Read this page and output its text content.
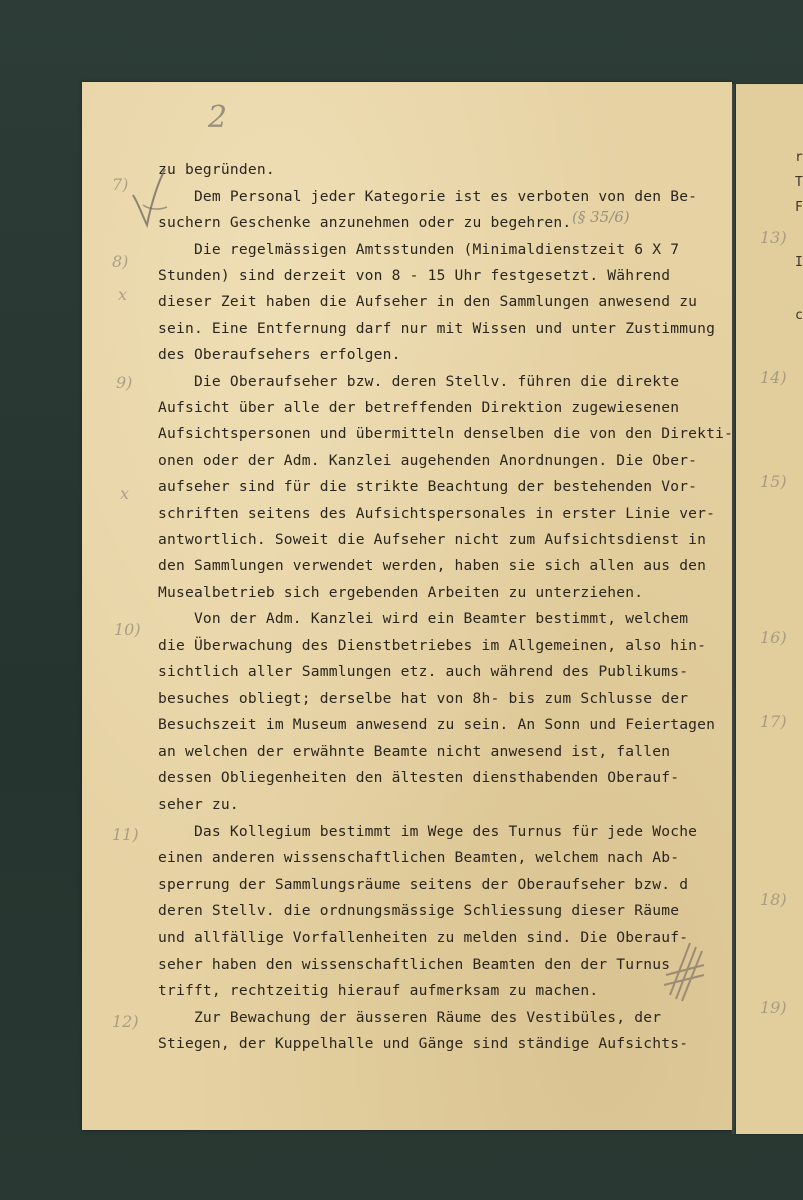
r
T
F
I
c
2
zu begründen.
Dem Personal jeder Kategorie ist es verboten von den Be-
suchern Geschenke anzunehmen oder zu begehren.
Die regelmässigen Amtsstunden (Minimaldienstzeit 6 X 7
Stunden) sind derzeit von 8 - 15 Uhr festgesetzt. Während
dieser Zeit haben die Aufseher in den Sammlungen anwesend zu
sein. Eine Entfernung darf nur mit Wissen und unter Zustimmung
des Oberaufsehers erfolgen.
Die Oberaufseher bzw. deren Stellv. führen die direkte
Aufsicht über alle der betreffenden Direktion zugewiesenen
Aufsichtspersonen und übermitteln denselben die von den Direkti-
onen oder der Adm. Kanzlei augehenden Anordnungen. Die Ober-
aufseher sind für die strikte Beachtung der bestehenden Vor-
schriften seitens des Aufsichtspersonales in erster Linie ver-
antwortlich. Soweit die Aufseher nicht zum Aufsichtsdienst in
den Sammlungen verwendet werden, haben sie sich allen aus den
Musealbetrieb sich ergebenden Arbeiten zu unterziehen.
Von der Adm. Kanzlei wird ein Beamter bestimmt, welchem
die Überwachung des Dienstbetriebes im Allgemeinen, also hin-
sichtlich aller Sammlungen etz. auch während des Publikums-
besuches obliegt; derselbe hat von 8h- bis zum Schlusse der
Besuchszeit im Museum anwesend zu sein. An Sonn und Feiertagen
an welchen der erwähnte Beamte nicht anwesend ist, fallen
dessen Obliegenheiten den ältesten diensthabenden Oberauf-
seher zu.
Das Kollegium bestimmt im Wege des Turnus für jede Woche
einen anderen wissenschaftlichen Beamten, welchem nach Ab-
sperrung der Sammlungsräume seitens der Oberaufseher bzw. d
deren Stellv. die ordnungsmässige Schliessung dieser Räume
und allfällige Vorfallenheiten zu melden sind. Die Oberauf-
seher haben den wissenschaftlichen Beamten den der Turnus
trifft, rechtzeitig hierauf aufmerksam zu machen.
Zur Bewachung der äusseren Räume des Vestibüles, der
Stiegen, der Kuppelhalle und Gänge sind ständige Aufsichts-
(§ 35/6)
7)
8)
x
9)
x
10)
11)
12)
13)
14)
15)
16)
17)
18)
19)
